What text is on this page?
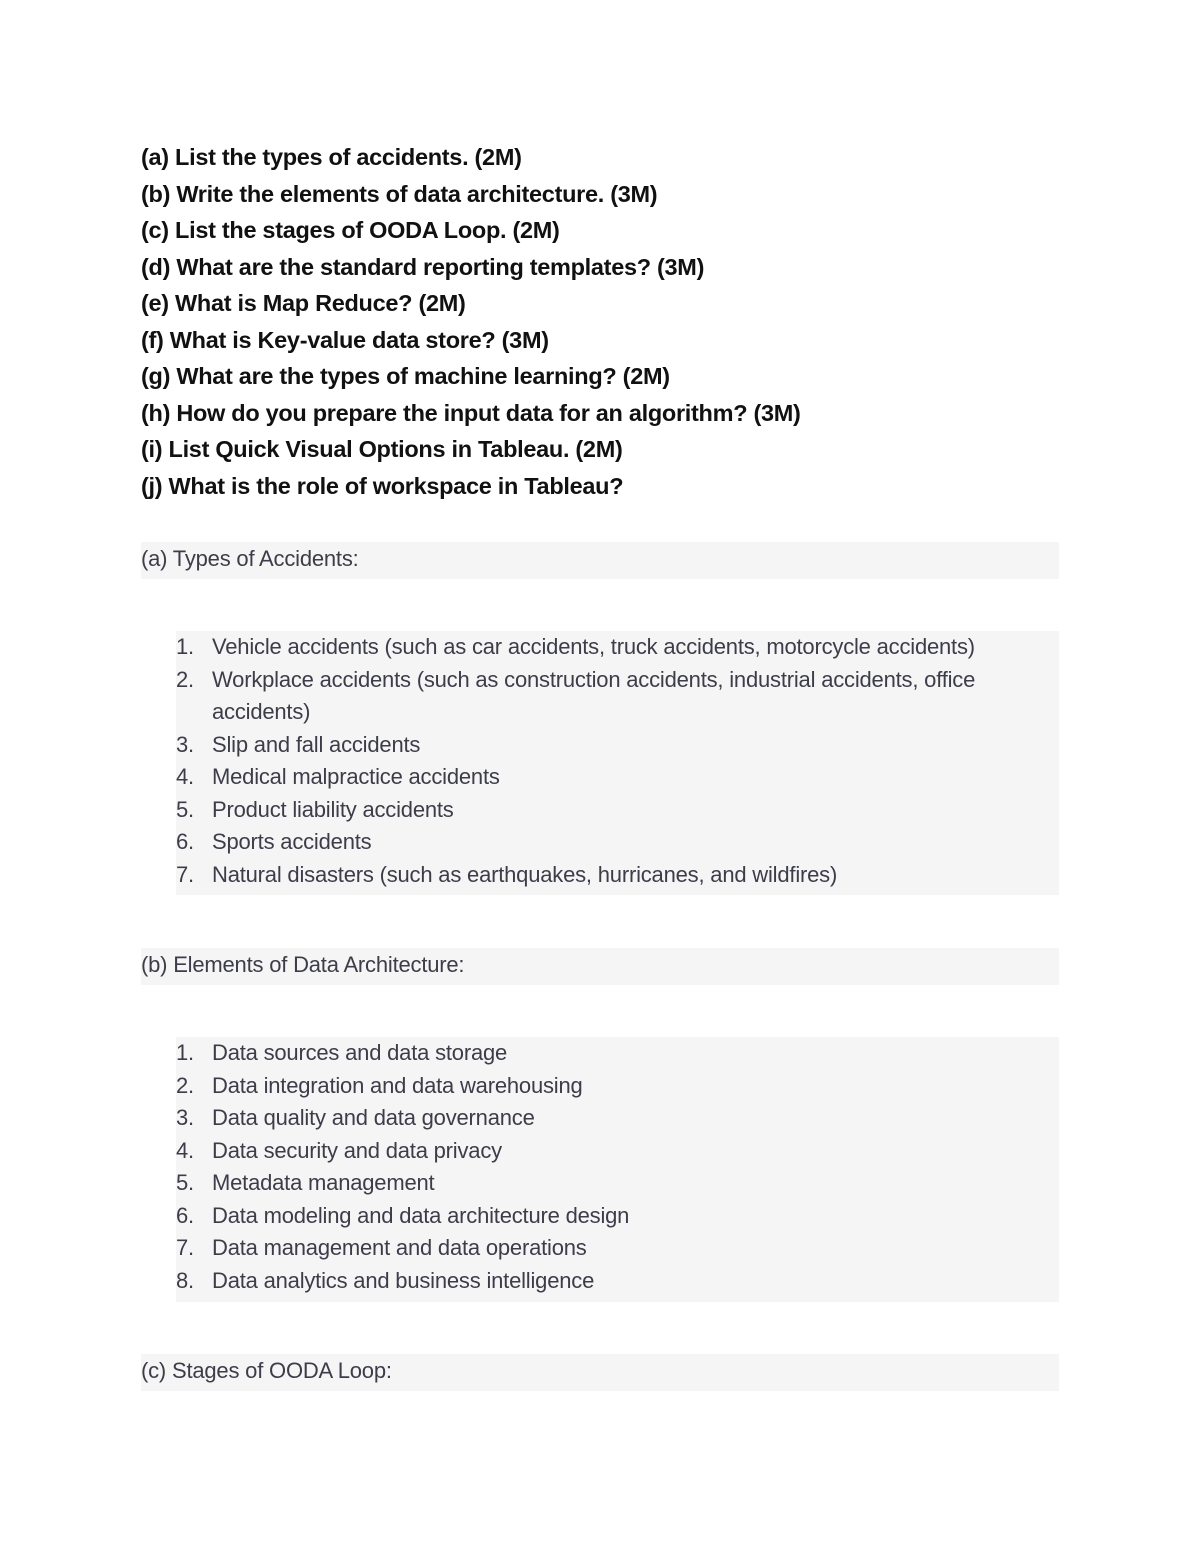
(a) List the types of accidents. (2M)
(b) Write the elements of data architecture. (3M)
(c) List the stages of OODA Loop. (2M)
(d) What are the standard reporting templates? (3M)
(e) What is Map Reduce? (2M)
(f) What is Key-value data store? (3M)
(g) What are the types of machine learning? (2M)
(h) How do you prepare the input data for an algorithm? (3M)
(i) List Quick Visual Options in Tableau. (2M)
(j) What is the role of workspace in Tableau?
(a) Types of Accidents:
1. Vehicle accidents (such as car accidents, truck accidents, motorcycle accidents)
2. Workplace accidents (such as construction accidents, industrial accidents, office accidents)
3. Slip and fall accidents
4. Medical malpractice accidents
5. Product liability accidents
6. Sports accidents
7. Natural disasters (such as earthquakes, hurricanes, and wildfires)
(b) Elements of Data Architecture:
1. Data sources and data storage
2. Data integration and data warehousing
3. Data quality and data governance
4. Data security and data privacy
5. Metadata management
6. Data modeling and data architecture design
7. Data management and data operations
8. Data analytics and business intelligence
(c) Stages of OODA Loop:
